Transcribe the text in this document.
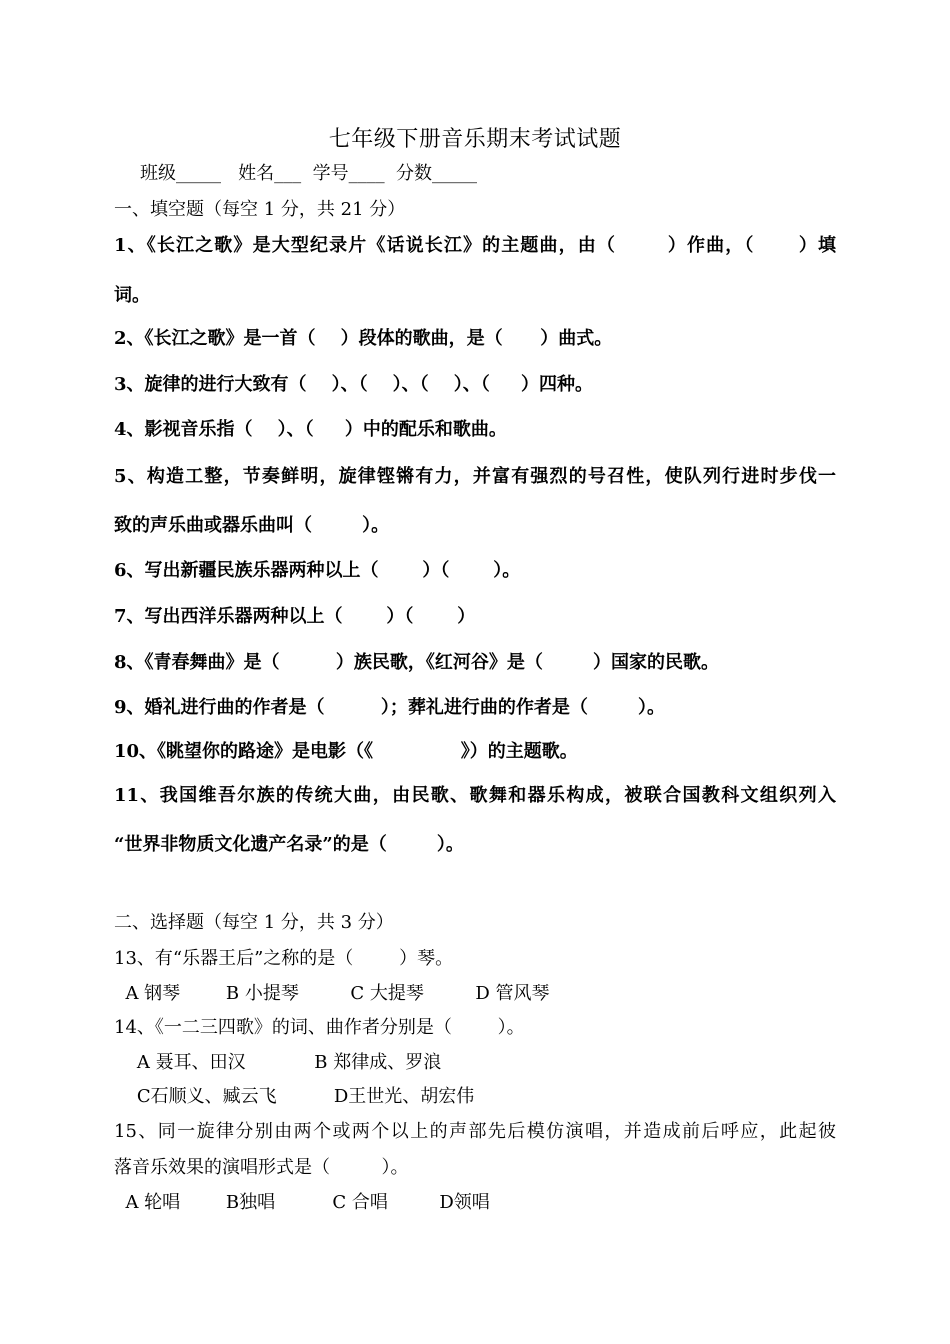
七年级下册音乐期末考试试题
班级_____   姓名___  学号____  分数_____
一、填空题（每空 1 分，共 21 分）
1、《长江之歌》是大型纪录片《话说长江》的主题曲，由（       ）作曲，（      ）填
词。
2、《长江之歌》是一首（    ）段体的歌曲，是（      ）曲式。
3、旋律的进行大致有（    ）、（    ）、（    ）、（     ）四种。
4、影视音乐指（    ）、（     ）中的配乐和歌曲。
5、构造工整，节奏鲜明，旋律铿锵有力，并富有强烈的号召性，使队列行进时步伐一
致的声乐曲或器乐曲叫（        ）。
6、写出新疆民族乐器两种以上（       ）（       ）。
7、写出西洋乐器两种以上（       ）（       ）
8、《青春舞曲》是（         ）族民歌，《红河谷》是（        ）国家的民歌。
9、婚礼进行曲的作者是（         ）；葬礼进行曲的作者是（        ）。
10、《眺望你的路途》是电影（《              》）的主题歌。
11、我国维吾尔族的传统大曲，由民歌、歌舞和器乐构成，被联合国教科文组织列入
“世界非物质文化遗产名录”的是（        ）。
二、选择题（每空 1 分，共 3 分）
13、有“乐器王后”之称的是（        ）琴。
A 钢琴        B 小提琴         C 大提琴         D 管风琴
14、《一二三四歌》的词、曲作者分别是（        ）。
A 聂耳、田汉            B 郑律成、罗浪
C石顺义、臧云飞          D王世光、胡宏伟
15、同一旋律分别由两个或两个以上的声部先后模仿演唱，并造成前后呼应，此起彼
落音乐效果的演唱形式是（         ）。
A 轮唱        B独唱          C 合唱         D领唱
